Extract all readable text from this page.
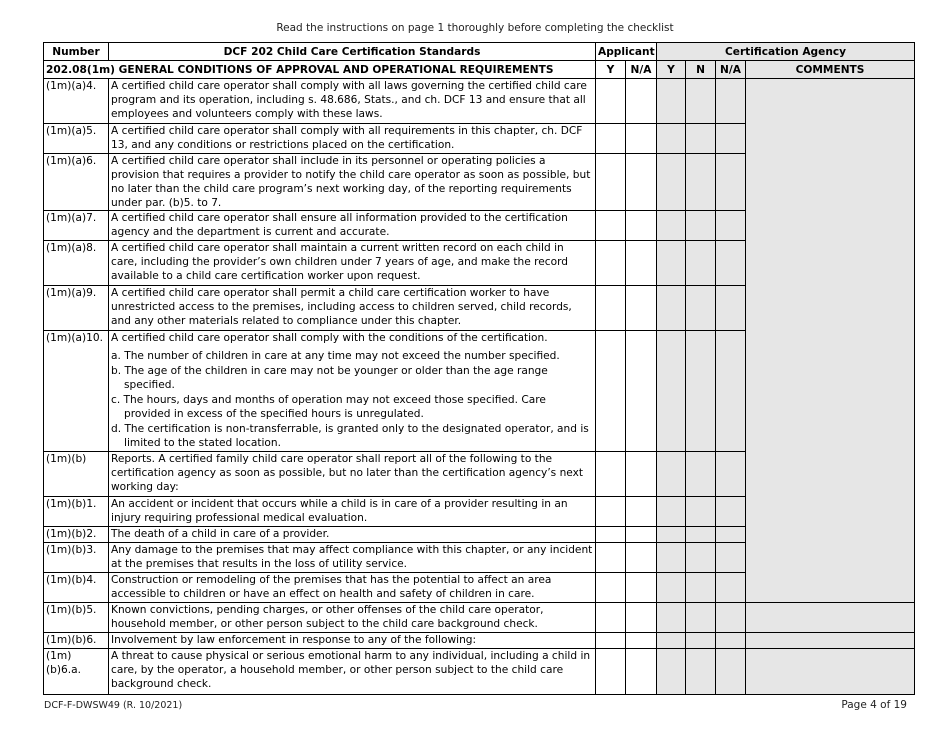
Read the instructions on page 1 thoroughly before completing the checklist
Number	DCF 202 Child Care Certification Standards	Applicant		Certification Agency			
202.08(1m) GENERAL CONDITIONS OF APPROVAL AND OPERATIONAL REQUIREMENTS		Y	N/A	Y	N	N/A	COMMENTS
(1m)(a)4.	A certified child care operator shall comply with all laws governing the certified child care program and its operation, including s. 48.686, Stats., and ch. DCF 13 and ensure that all employees and volunteers comply with these laws.						

(1m)(a)5.	A certified child care operator shall comply with all requirements in this chapter, ch. DCF 13, and any conditions or restrictions placed on the certification.						

(1m)(a)6.	A certified child care operator shall include in its personnel or operating policies a provision that requires a provider to notify the child care operator as soon as possible, but no later than the child care program’s next working day, of the reporting requirements under par. (b)5. to 7.						

(1m)(a)7.	A certified child care operator shall ensure all information provided to the certification agency and the department is current and accurate.						

(1m)(a)8.	A certified child care operator shall maintain a current written record on each child in care, including the provider’s own children under 7 years of age, and make the record available to a child care certification worker upon request.						

(1m)(a)9.	A certified child care operator shall permit a child care certification worker to have unrestricted access to the premises, including access to children served, child records, and any other materials related to compliance under this chapter.						

(1m)(a)10.	A certified child care operator shall comply with the conditions of the certification.
a. The number of children in care at any time may not exceed the number specified.
b. The age of the children in care may not be younger or older than the age range specified.
c. The hours, days and months of operation may not exceed those specified. Care provided in excess of the specified hours is unregulated.
d. The certification is non-transferrable, is granted only to the designated operator, and is limited to the stated location.						

(1m)(b)	Reports. A certified family child care operator shall report all of the following to the certification agency as soon as possible, but no later than the certification agency’s next working day:						

(1m)(b)1.	An accident or incident that occurs while a child is in care of a provider resulting in an injury requiring professional medical evaluation.						

(1m)(b)2.	The death of a child in care of a provider.						

(1m)(b)3.	Any damage to the premises that may affect compliance with this chapter, or any incident at the premises that results in the loss of utility service.						

(1m)(b)4.	Construction or remodeling of the premises that has the potential to affect an area accessible to children or have an effect on health and safety of children in care.						

(1m)(b)5.	Known convictions, pending charges, or other offenses of the child care operator, household member, or other person subject to the child care background check.						

(1m)(b)6.	Involvement by law enforcement in response to any of the following:						

(1m)(b)6.a.	A threat to cause physical or serious emotional harm to any individual, including a child in care, by the operator, a household member, or other person subject to the child care background check.						

DCF-F-DWSW49 (R. 10/2021)	Page 4 of 19
